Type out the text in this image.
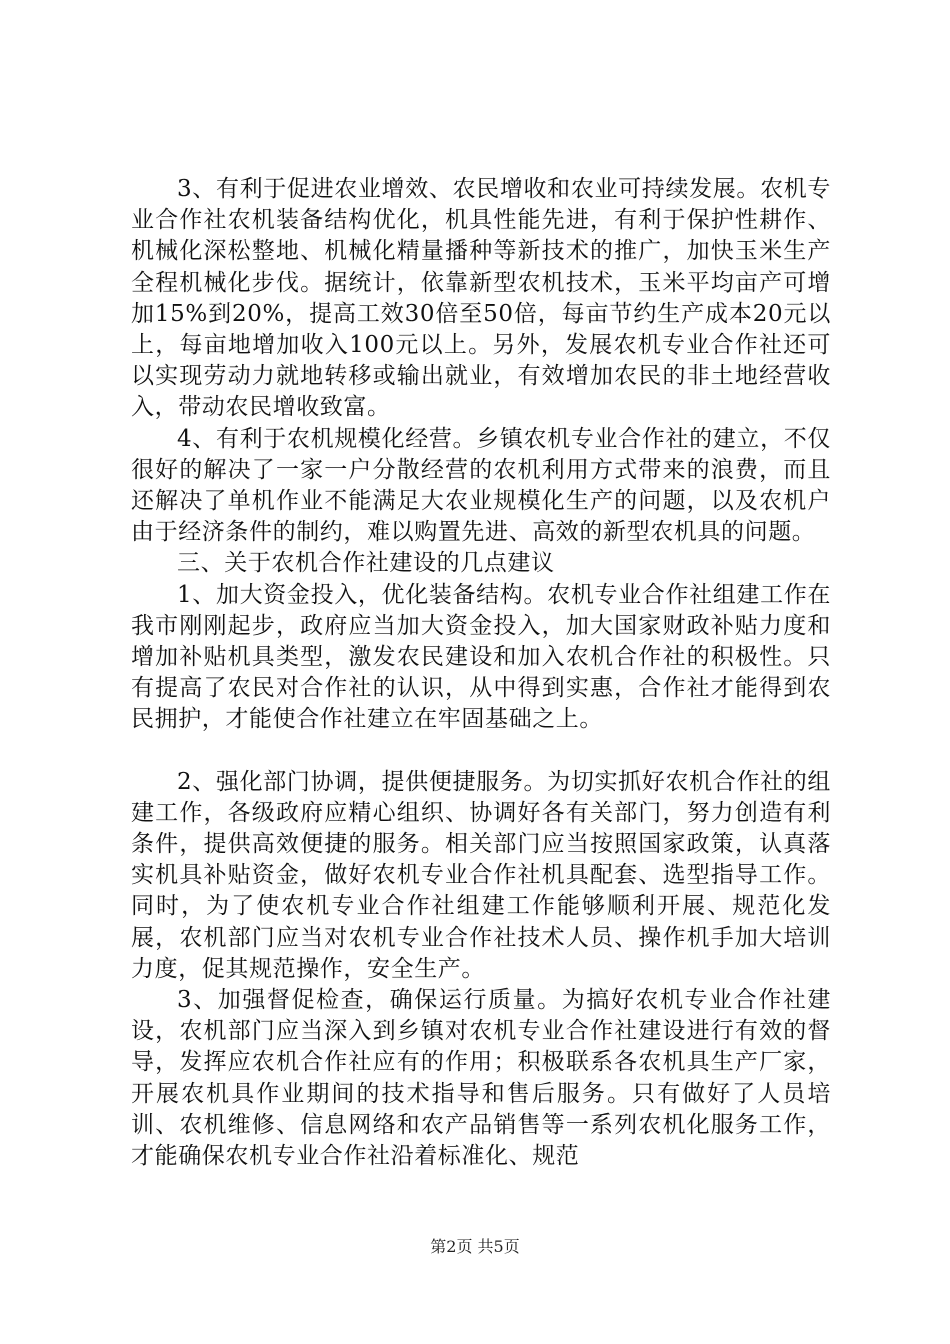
3、有利于促进农业增效、农民增收和农业可持续发展。农机专业合作社农机装备结构优化，机具性能先进，有利于保护性耕作、机械化深松整地、机械化精量播种等新技术的推广，加快玉米生产全程机械化步伐。据统计，依靠新型农机技术，玉米平均亩产可增加15%到20%，提高工效30倍至50倍，每亩节约生产成本20元以上，每亩地增加收入100元以上。另外，发展农机专业合作社还可以实现劳动力就地转移或输出就业，有效增加农民的非土地经营收入，带动农民增收致富。

4、有利于农机规模化经营。乡镇农机专业合作社的建立，不仅很好的解决了一家一户分散经营的农机利用方式带来的浪费，而且还解决了单机作业不能满足大农业规模化生产的问题，以及农机户由于经济条件的制约，难以购置先进、高效的新型农机具的问题。

三、关于农机合作社建设的几点建议

1、加大资金投入，优化装备结构。农机专业合作社组建工作在我市刚刚起步，政府应当加大资金投入，加大国家财政补贴力度和增加补贴机具类型，激发农民建设和加入农机合作社的积极性。只有提高了农民对合作社的认识，从中得到实惠，合作社才能得到农民拥护，才能使合作社建立在牢固基础之上。

2、强化部门协调，提供便捷服务。为切实抓好农机合作社的组建工作，各级政府应精心组织、协调好各有关部门，努力创造有利条件，提供高效便捷的服务。相关部门应当按照国家政策，认真落实机具补贴资金，做好农机专业合作社机具配套、选型指导工作。同时，为了使农机专业合作社组建工作能够顺利开展、规范化发展，农机部门应当对农机专业合作社技术人员、操作机手加大培训力度，促其规范操作，安全生产。

3、加强督促检查，确保运行质量。为搞好农机专业合作社建设，农机部门应当深入到乡镇对农机专业合作社建设进行有效的督导，发挥应农机合作社应有的作用；积极联系各农机具生产厂家，开展农机具作业期间的技术指导和售后服务。只有做好了人员培训、农机维修、信息网络和农产品销售等一系列农机化服务工作，才能确保农机专业合作社沿着标准化、规范

第2页 共5页
